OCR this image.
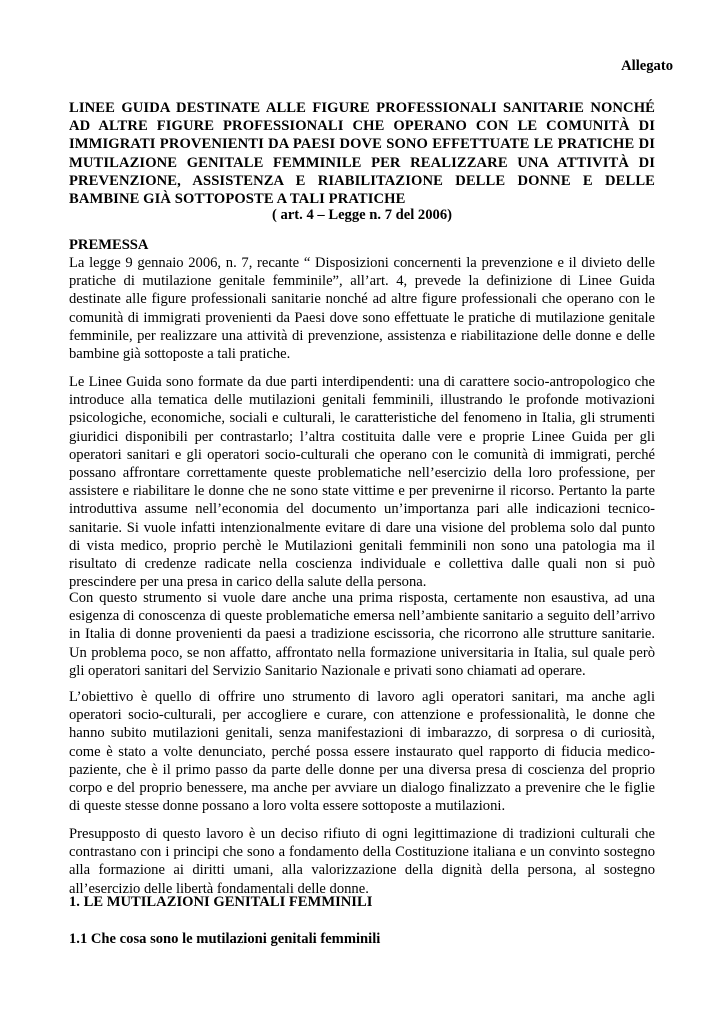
Allegato
LINEE GUIDA DESTINATE ALLE FIGURE PROFESSIONALI SANITARIE NONCHÉ AD ALTRE FIGURE PROFESSIONALI CHE OPERANO CON LE COMUNITÀ DI IMMIGRATI PROVENIENTI DA PAESI DOVE SONO EFFETTUATE LE PRATICHE DI MUTILAZIONE GENITALE FEMMINILE PER REALIZZARE UNA ATTIVITÀ DI PREVENZIONE, ASSISTENZA E RIABILITAZIONE DELLE DONNE E DELLE BAMBINE GIÀ SOTTOPOSTE A TALI PRATICHE
( art. 4 – Legge n. 7 del 2006)
PREMESSA
La legge 9 gennaio 2006, n. 7, recante “ Disposizioni concernenti la prevenzione e il divieto delle pratiche di mutilazione genitale femminile”, all’art. 4, prevede la definizione di Linee Guida destinate alle figure professionali sanitarie nonché ad altre figure professionali che operano con le comunità di immigrati provenienti da Paesi dove sono effettuate le pratiche di mutilazione genitale femminile, per realizzare una attività di prevenzione, assistenza e riabilitazione delle donne e delle bambine già sottoposte a tali pratiche.
Le Linee Guida sono formate da due parti interdipendenti: una di carattere socio-antropologico che introduce alla tematica delle mutilazioni genitali femminili, illustrando le profonde motivazioni psicologiche, economiche, sociali e culturali, le caratteristiche del fenomeno in Italia, gli strumenti giuridici disponibili per contrastarlo; l’altra costituita dalle vere e proprie Linee Guida per gli operatori sanitari e gli operatori socio-culturali che operano con le comunità di immigrati, perché possano affrontare correttamente queste problematiche nell’esercizio della loro professione, per assistere e riabilitare le donne che ne sono state vittime e per prevenirne il ricorso. Pertanto la parte introduttiva assume nell’economia del documento un’importanza pari alle indicazioni tecnico-sanitarie. Si vuole infatti intenzionalmente evitare di dare una visione del problema solo dal punto di vista medico, proprio perchè le Mutilazioni genitali femminili non sono una patologia ma il risultato di credenze radicate nella coscienza individuale e collettiva dalle quali non si può prescindere per una presa in carico della salute della persona.
Con questo strumento si vuole dare anche una prima risposta, certamente non esaustiva, ad una esigenza di conoscenza di queste problematiche emersa nell’ambiente sanitario a seguito dell’arrivo in Italia di donne provenienti da paesi a tradizione escissoria, che ricorrono alle strutture sanitarie. Un problema poco, se non affatto, affrontato nella formazione universitaria in Italia, sul quale però gli operatori sanitari del Servizio Sanitario Nazionale e privati sono chiamati ad operare.
L’obiettivo è quello di offrire uno strumento di lavoro agli operatori sanitari, ma anche agli operatori socio-culturali, per accogliere e curare, con attenzione e professionalità, le donne che hanno subito mutilazioni genitali, senza manifestazioni di imbarazzo, di sorpresa o di curiosità, come è stato a volte denunciato, perché possa essere instaurato quel rapporto di fiducia medico-paziente, che è il primo passo da parte delle donne per una diversa presa di coscienza del proprio corpo e del proprio benessere, ma anche per avviare un dialogo finalizzato a prevenire che le figlie di queste stesse donne possano a loro volta essere sottoposte a mutilazioni.
Presupposto di questo lavoro è un deciso rifiuto di ogni legittimazione di tradizioni culturali che contrastano con i principi che sono a fondamento della Costituzione italiana e un convinto sostegno alla formazione ai diritti umani, alla valorizzazione della dignità della persona, al sostegno all’esercizio delle libertà fondamentali delle donne.
1. LE MUTILAZIONI GENITALI FEMMINILI
1.1 Che cosa sono le mutilazioni genitali femminili
